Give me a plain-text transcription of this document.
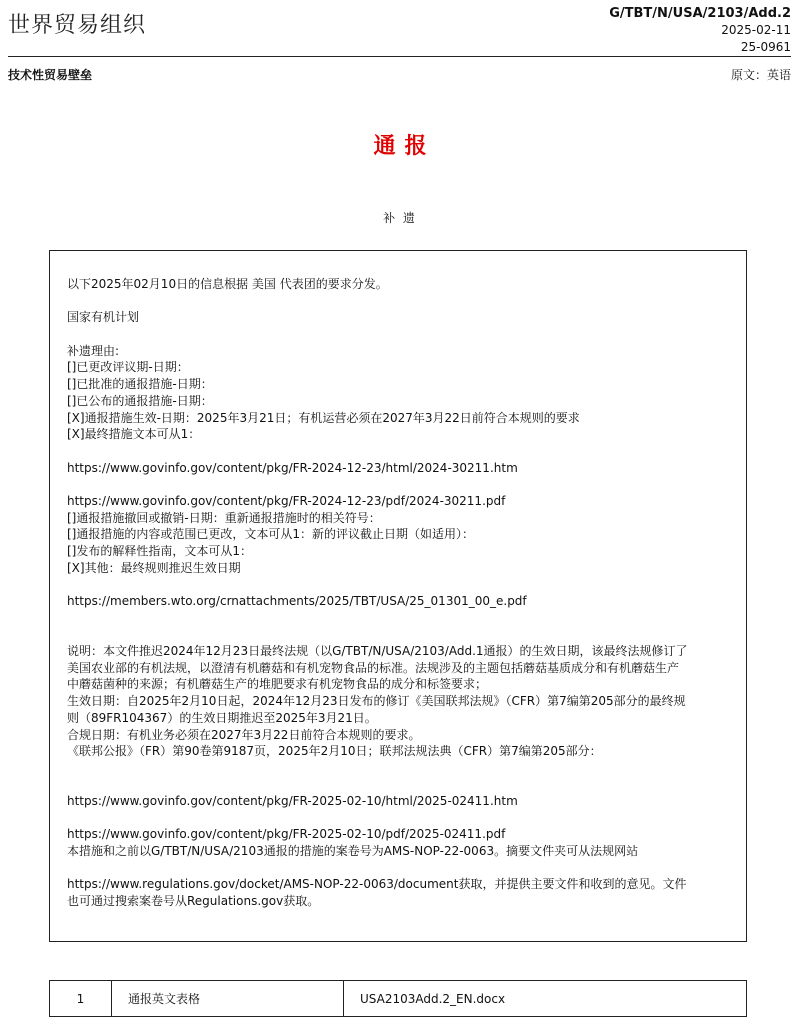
世界贸易组织	G/TBT/N/USA/2103/Add.2
2025-02-11
25-0961
技术性贸易壁垒	原文：英语
通报
补 遗
以下2025年02月10日的信息根据 美国 代表团的要求分发。
国家有机计划
补遗理由:
[]已更改评议期-日期：
[]已批准的通报措施-日期：
[]已公布的通报措施-日期：
[X]通报措施生效-日期：2025年3月21日；有机运营必须在2027年3月22日前符合本规则的要求
[X]最终措施文本可从1：
https://www.govinfo.gov/content/pkg/FR-2024-12-23/html/2024-30211.htm
https://www.govinfo.gov/content/pkg/FR-2024-12-23/pdf/2024-30211.pdf
[]通报措施撤回或撤销-日期：重新通报措施时的相关符号：
[]通报措施的内容或范围已更改，文本可从1：新的评议截止日期（如适用）：
[]发布的解释性指南，文本可从1：
[X]其他：最终规则推迟生效日期
https://members.wto.org/crnattachments/2025/TBT/USA/25_01301_00_e.pdf
说明：本文件推迟2024年12月23日最终法规（以G/TBT/N/USA/2103/Add.1通报）的生效日期，该最终法规修订了
美国农业部的有机法规，以澄清有机蘑菇和有机宠物食品的标准。法规涉及的主题包括蘑菇基质成分和有机蘑菇生产
中蘑菇菌种的来源；有机蘑菇生产的堆肥要求有机宠物食品的成分和标签要求；
生效日期：自2025年2月10日起，2024年12月23日发布的修订《美国联邦法规》（CFR）第7编第205部分的最终规
则（89FR104367）的生效日期推迟至2025年3月21日。
合规日期：有机业务必须在2027年3月22日前符合本规则的要求。
《联邦公报》（FR）第90卷第9187页，2025年2月10日；联邦法规法典（CFR）第7编第205部分：
https://www.govinfo.gov/content/pkg/FR-2025-02-10/html/2025-02411.htm
https://www.govinfo.gov/content/pkg/FR-2025-02-10/pdf/2025-02411.pdf
本措施和之前以G/TBT/N/USA/2103通报的措施的案卷号为AMS-NOP-22-0063。摘要文件夹可从法规网站
https://www.regulations.gov/docket/AMS-NOP-22-0063/document获取，并提供主要文件和收到的意见。文件
也可通过搜索案卷号从Regulations.gov获取。
1	通报英文表格	USA2103Add.2_EN.docx
